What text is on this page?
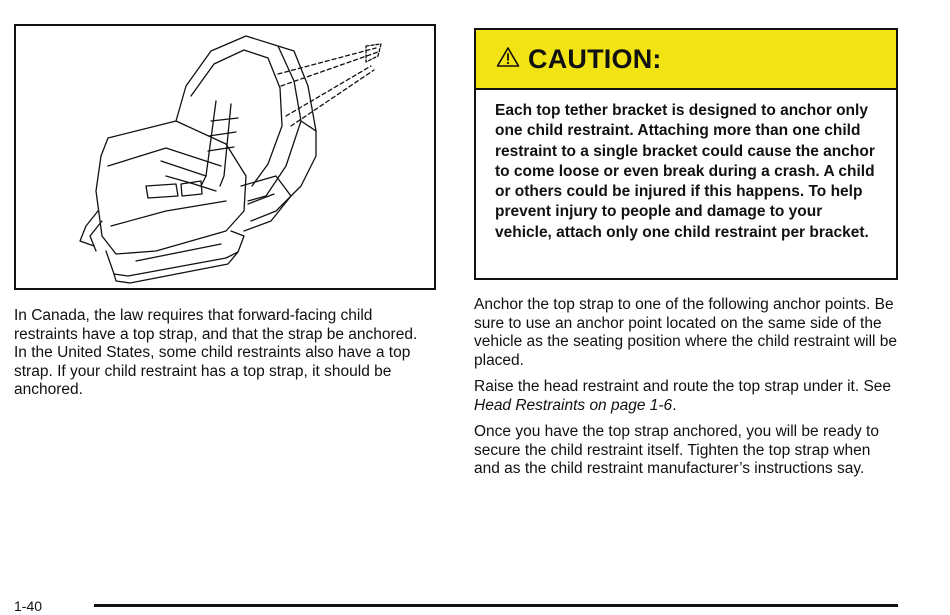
In Canada, the law requires that forward-facing child restraints have a top strap, and that the strap be anchored. In the United States, some child restraints also have a top strap. If your child restraint has a top strap, it should be anchored.

CAUTION:

Each top tether bracket is designed to anchor only one child restraint. Attaching more than one child restraint to a single bracket could cause the anchor to come loose or even break during a crash. A child or others could be injured if this happens. To help prevent injury to people and damage to your vehicle, attach only one child restraint per bracket.

Anchor the top strap to one of the following anchor points. Be sure to use an anchor point located on the same side of the vehicle as the seating position where the child restraint will be placed.

Raise the head restraint and route the top strap under it. See Head Restraints on page 1-6.

Once you have the top strap anchored, you will be ready to secure the child restraint itself. Tighten the top strap when and as the child restraint manufacturer’s instructions say.

1-40
